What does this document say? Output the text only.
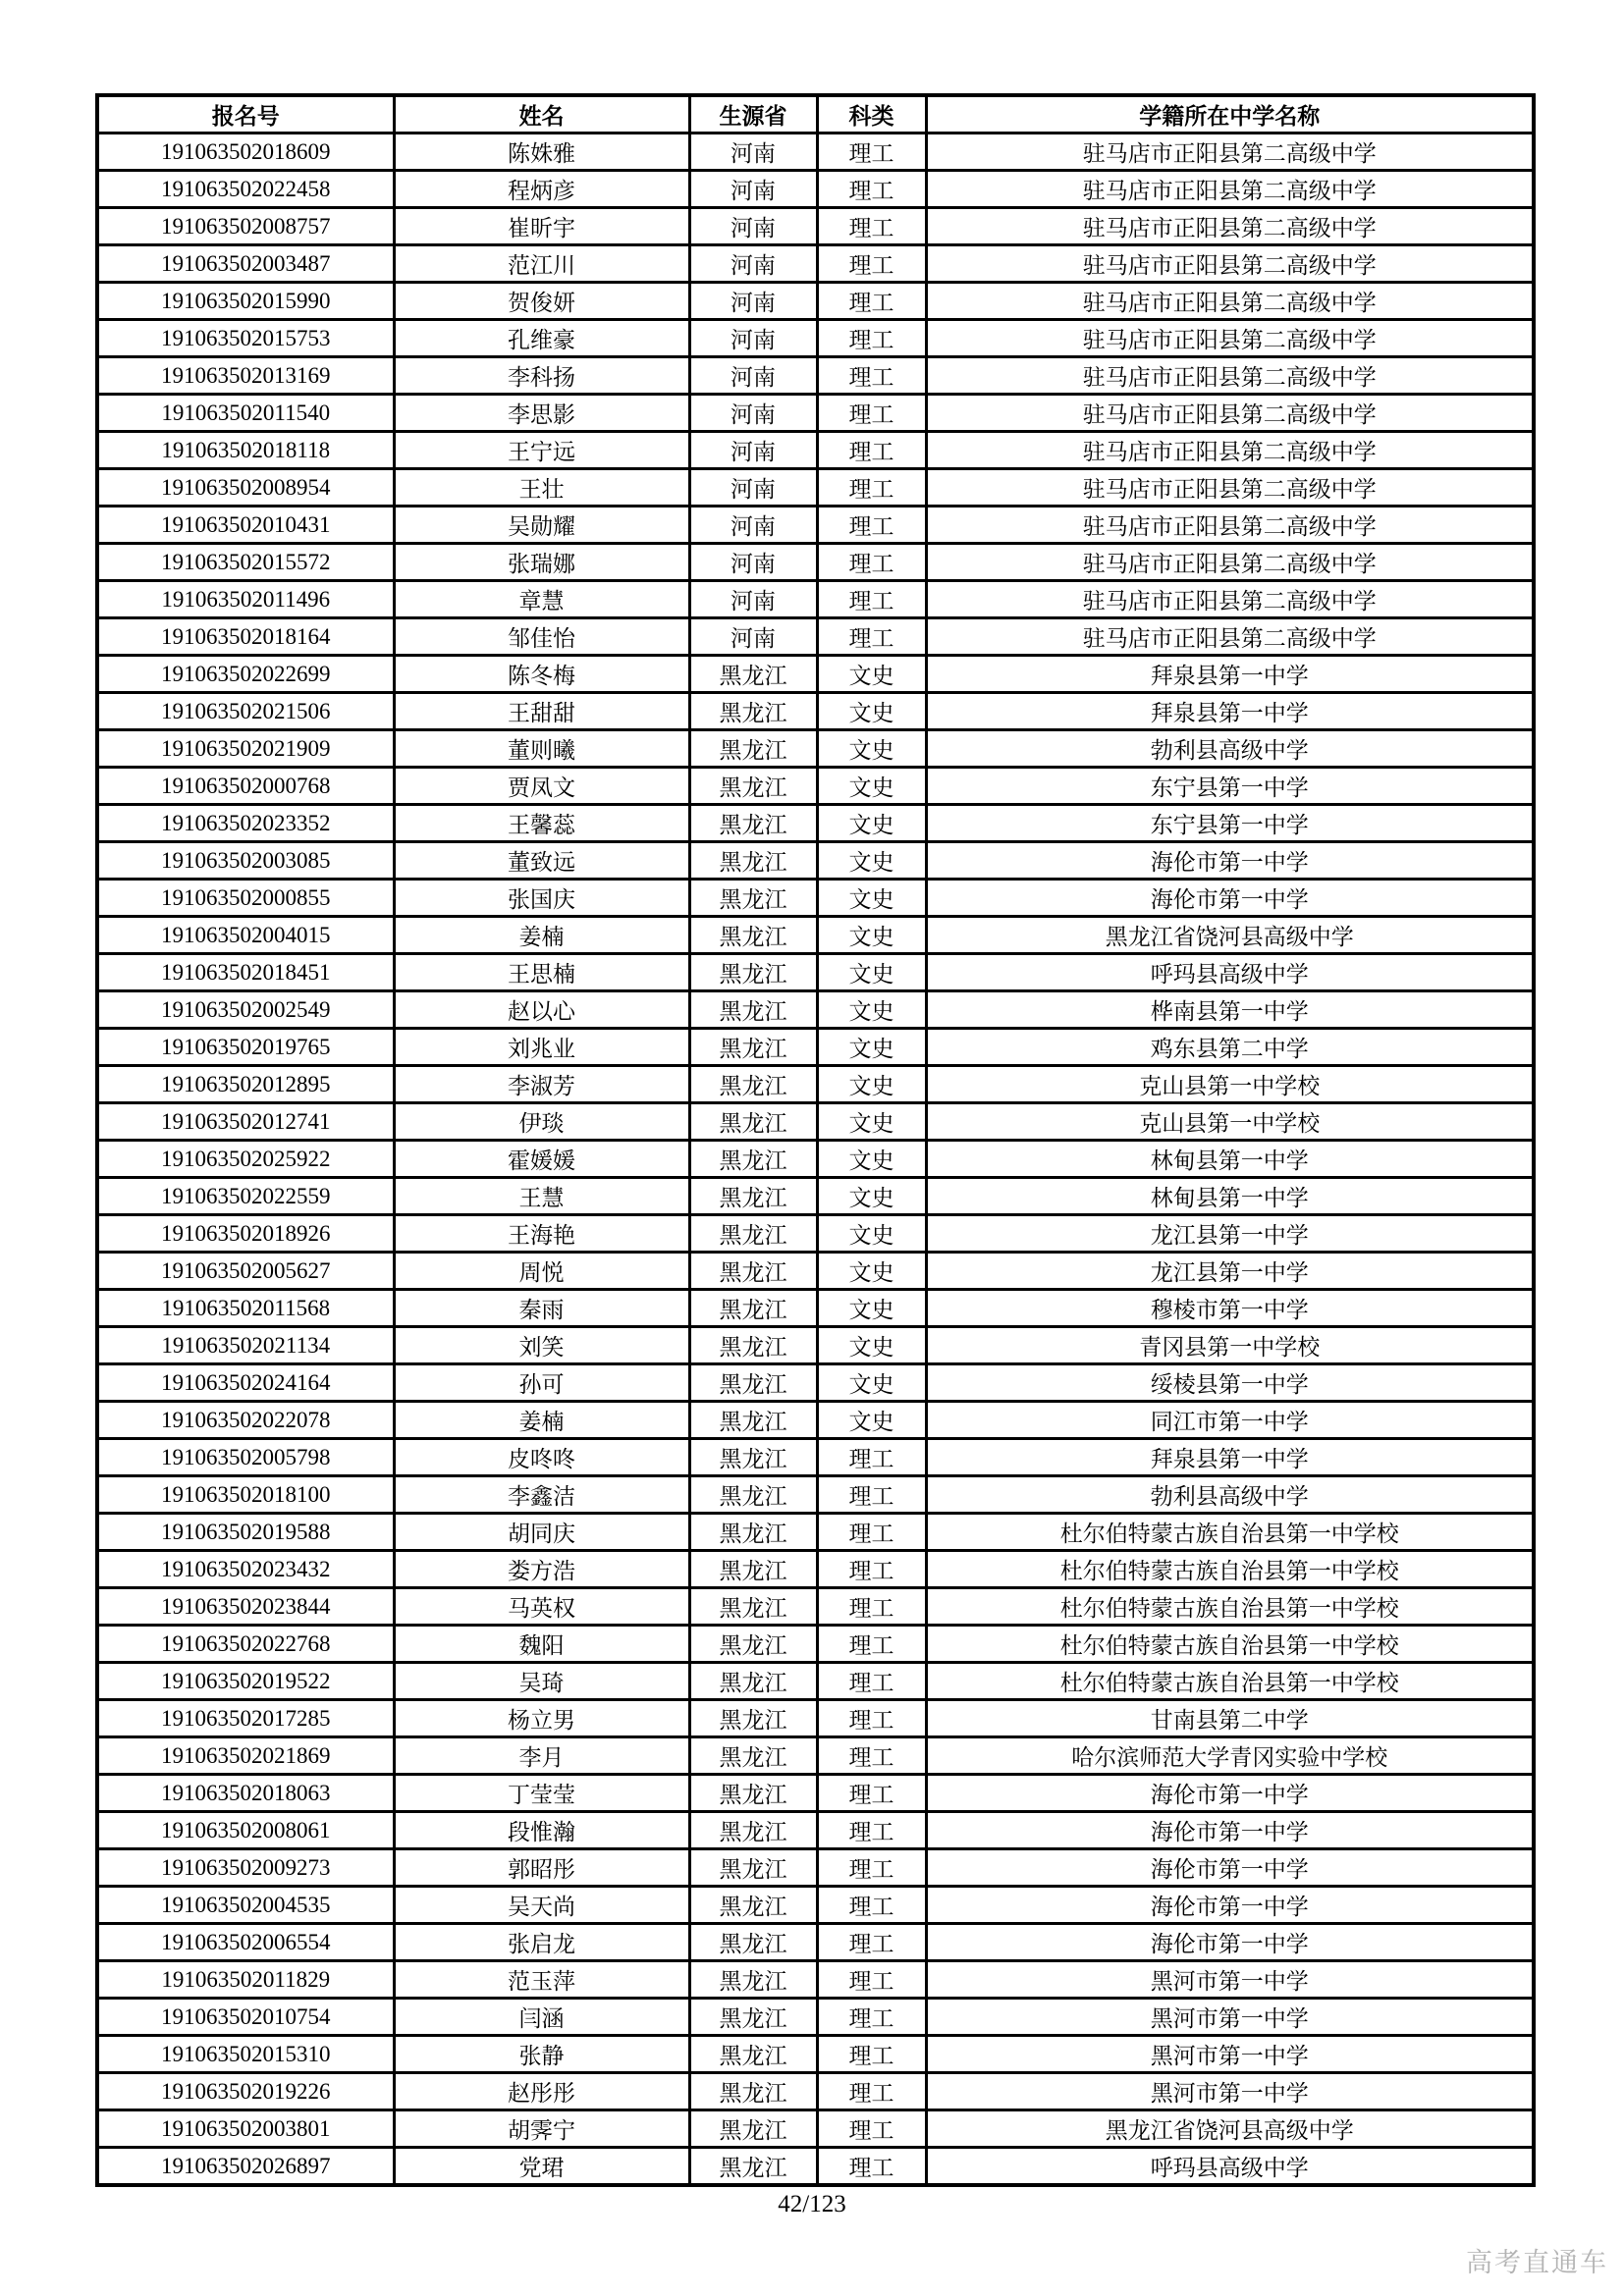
报名号	姓名	生源省	科类	学籍所在中学名称
191063502018609	陈姝雅	河南	理工	驻马店市正阳县第二高级中学
191063502022458	程炳彦	河南	理工	驻马店市正阳县第二高级中学
191063502008757	崔昕宇	河南	理工	驻马店市正阳县第二高级中学
191063502003487	范江川	河南	理工	驻马店市正阳县第二高级中学
191063502015990	贺俊妍	河南	理工	驻马店市正阳县第二高级中学
191063502015753	孔维豪	河南	理工	驻马店市正阳县第二高级中学
191063502013169	李科扬	河南	理工	驻马店市正阳县第二高级中学
191063502011540	李思影	河南	理工	驻马店市正阳县第二高级中学
191063502018118	王宁远	河南	理工	驻马店市正阳县第二高级中学
191063502008954	王壮	河南	理工	驻马店市正阳县第二高级中学
191063502010431	吴勋耀	河南	理工	驻马店市正阳县第二高级中学
191063502015572	张瑞娜	河南	理工	驻马店市正阳县第二高级中学
191063502011496	章慧	河南	理工	驻马店市正阳县第二高级中学
191063502018164	邹佳怡	河南	理工	驻马店市正阳县第二高级中学
191063502022699	陈冬梅	黑龙江	文史	拜泉县第一中学
191063502021506	王甜甜	黑龙江	文史	拜泉县第一中学
191063502021909	董则曦	黑龙江	文史	勃利县高级中学
191063502000768	贾凤文	黑龙江	文史	东宁县第一中学
191063502023352	王馨蕊	黑龙江	文史	东宁县第一中学
191063502003085	董致远	黑龙江	文史	海伦市第一中学
191063502000855	张国庆	黑龙江	文史	海伦市第一中学
191063502004015	姜楠	黑龙江	文史	黑龙江省饶河县高级中学
191063502018451	王思楠	黑龙江	文史	呼玛县高级中学
191063502002549	赵以心	黑龙江	文史	桦南县第一中学
191063502019765	刘兆业	黑龙江	文史	鸡东县第二中学
191063502012895	李淑芳	黑龙江	文史	克山县第一中学校
191063502012741	伊琰	黑龙江	文史	克山县第一中学校
191063502025922	霍媛媛	黑龙江	文史	林甸县第一中学
191063502022559	王慧	黑龙江	文史	林甸县第一中学
191063502018926	王海艳	黑龙江	文史	龙江县第一中学
191063502005627	周悦	黑龙江	文史	龙江县第一中学
191063502011568	秦雨	黑龙江	文史	穆棱市第一中学
191063502021134	刘笑	黑龙江	文史	青冈县第一中学校
191063502024164	孙可	黑龙江	文史	绥棱县第一中学
191063502022078	姜楠	黑龙江	文史	同江市第一中学
191063502005798	皮咚咚	黑龙江	理工	拜泉县第一中学
191063502018100	李鑫洁	黑龙江	理工	勃利县高级中学
191063502019588	胡同庆	黑龙江	理工	杜尔伯特蒙古族自治县第一中学校
191063502023432	娄方浩	黑龙江	理工	杜尔伯特蒙古族自治县第一中学校
191063502023844	马英权	黑龙江	理工	杜尔伯特蒙古族自治县第一中学校
191063502022768	魏阳	黑龙江	理工	杜尔伯特蒙古族自治县第一中学校
191063502019522	吴琦	黑龙江	理工	杜尔伯特蒙古族自治县第一中学校
191063502017285	杨立男	黑龙江	理工	甘南县第二中学
191063502021869	李月	黑龙江	理工	哈尔滨师范大学青冈实验中学校
191063502018063	丁莹莹	黑龙江	理工	海伦市第一中学
191063502008061	段惟瀚	黑龙江	理工	海伦市第一中学
191063502009273	郭昭彤	黑龙江	理工	海伦市第一中学
191063502004535	吴天尚	黑龙江	理工	海伦市第一中学
191063502006554	张启龙	黑龙江	理工	海伦市第一中学
191063502011829	范玉萍	黑龙江	理工	黑河市第一中学
191063502010754	闫涵	黑龙江	理工	黑河市第一中学
191063502015310	张静	黑龙江	理工	黑河市第一中学
191063502019226	赵彤彤	黑龙江	理工	黑河市第一中学
191063502003801	胡霁宁	黑龙江	理工	黑龙江省饶河县高级中学
191063502026897	党珺	黑龙江	理工	呼玛县高级中学
42/123
高考直通车
